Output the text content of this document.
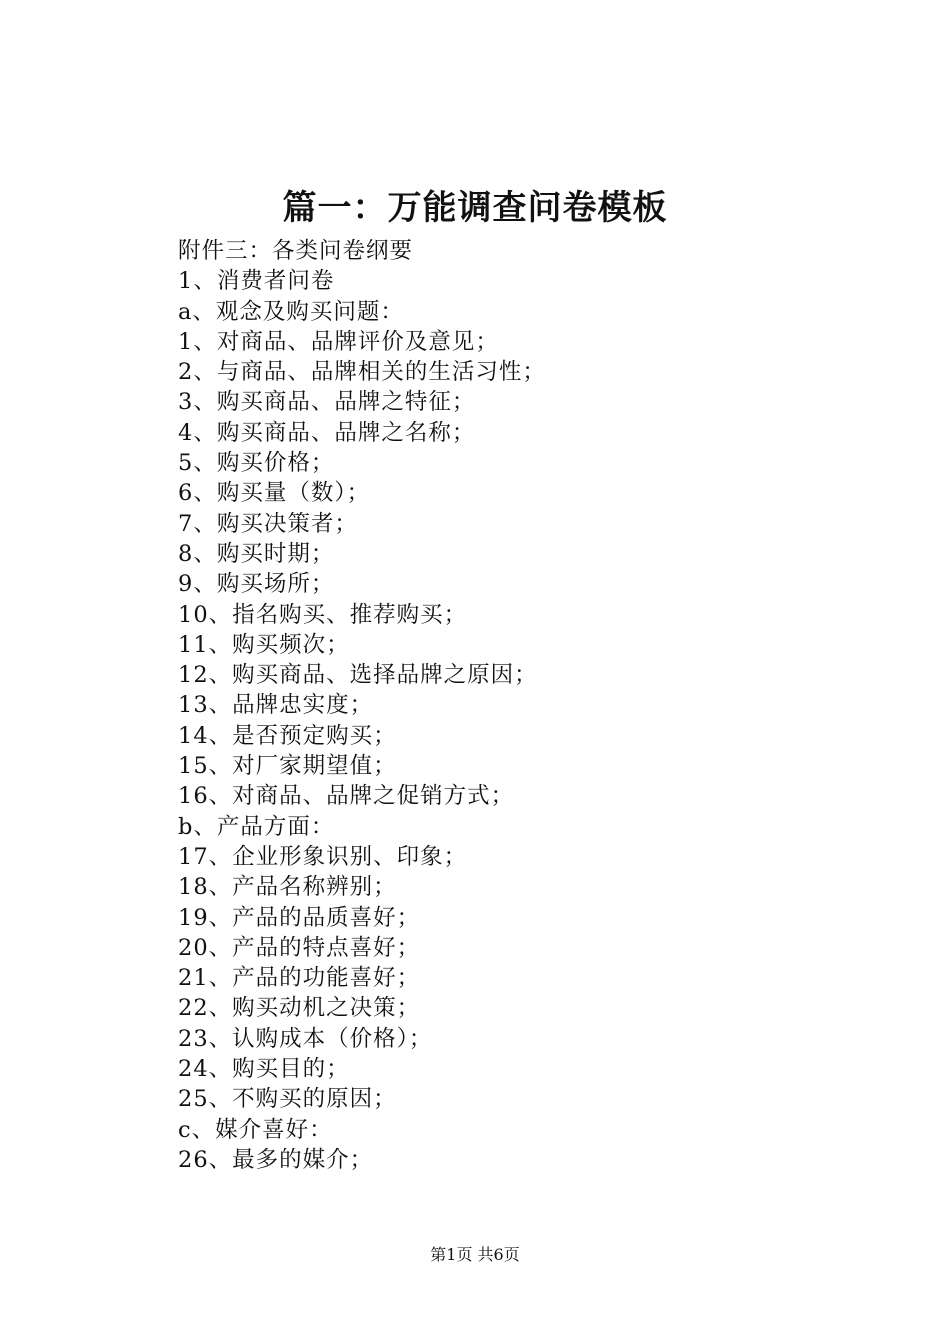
篇一：万能调查问卷模板
附件三：各类问卷纲要
1、消费者问卷
a、观念及购买问题：
1、对商品、品牌评价及意见；
2、与商品、品牌相关的生活习性；
3、购买商品、品牌之特征；
4、购买商品、品牌之名称；
5、购买价格；
6、购买量（数）；
7、购买决策者；
8、购买时期；
9、购买场所；
10、指名购买、推荐购买；
11、购买频次；
12、购买商品、选择品牌之原因；
13、品牌忠实度；
14、是否预定购买；
15、对厂家期望值；
16、对商品、品牌之促销方式；
b、产品方面：
17、企业形象识别、印象；
18、产品名称辨别；
19、产品的品质喜好；
20、产品的特点喜好；
21、产品的功能喜好；
22、购买动机之决策；
23、认购成本（价格）；
24、购买目的；
25、不购买的原因；
c、媒介喜好：
26、最多的媒介；
第1页 共6页
